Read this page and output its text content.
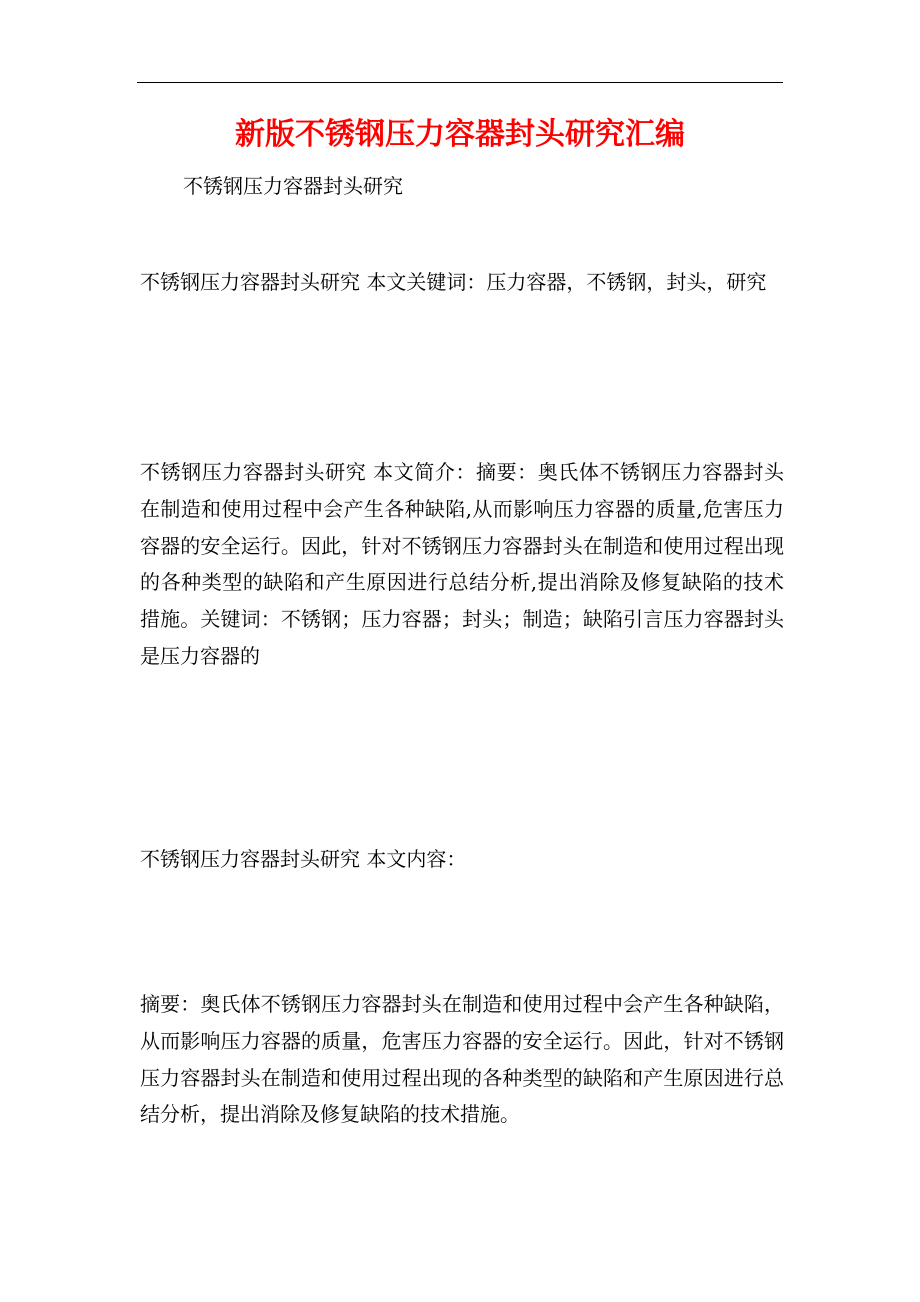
新版不锈钢压力容器封头研究汇编
不锈钢压力容器封头研究
不锈钢压力容器封头研究 本文关键词：压力容器，不锈钢，封头，研究
不锈钢压力容器封头研究 本文简介：摘要：奥氏体不锈钢压力容器封头在制造和使用过程中会产生各种缺陷,从而影响压力容器的质量,危害压力容器的安全运行。因此，针对不锈钢压力容器封头在制造和使用过程出现的各种类型的缺陷和产生原因进行总结分析,提出消除及修复缺陷的技术措施。关键词：不锈钢；压力容器；封头；制造；缺陷引言压力容器封头是压力容器的
不锈钢压力容器封头研究 本文内容：
摘要：奥氏体不锈钢压力容器封头在制造和使用过程中会产生各种缺陷，从而影响压力容器的质量，危害压力容器的安全运行。因此，针对不锈钢压力容器封头在制造和使用过程出现的各种类型的缺陷和产生原因进行总结分析，提出消除及修复缺陷的技术措施。
